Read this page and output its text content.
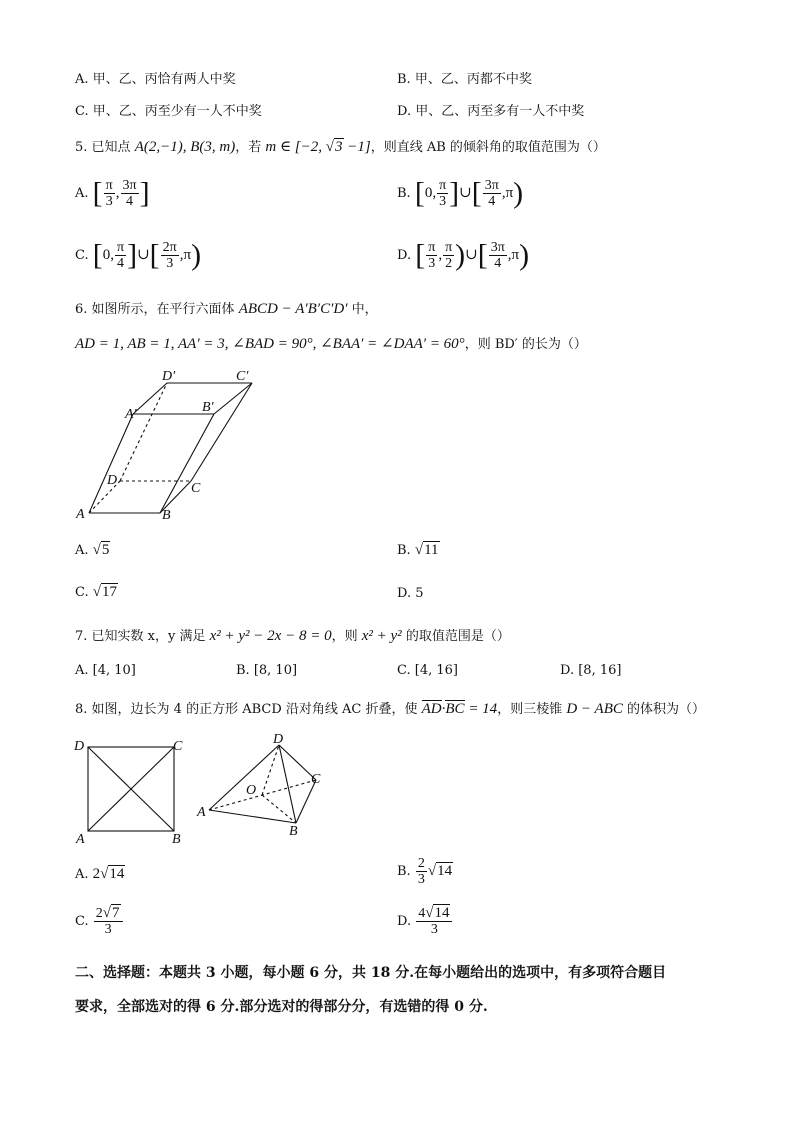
A. 甲、乙、丙恰有两人中奖	B. 甲、乙、丙都不中奖
C. 甲、乙、丙至少有一人不中奖	D. 甲、乙、丙至多有一人不中奖
5. 已知点 A(2,−1), B(3, m)，若 m ∈ [−2, √3 −1]，则直线 AB 的倾斜角的取值范围为（）
A. [ $\frac{\pi}{3}$ , $\frac{3\pi}{4}$ ]	B. [0, $\frac{\pi}{3}$ ]∪[ $\frac{3\pi}{4} ,\pi$)
C. [0, $\frac{\pi}{4}$ ]∪[ $\frac{2\pi}{3} ,\pi$)	D. [ $\frac{\pi}{3}$ , $\frac{\pi}{2}$ )∪[ $\frac{3\pi}{4} ,\pi$)
6. 如图所示，在平行六面体 ABCD − A′B′C′D′ 中，
AD = 1, AB = 1, AA′ = 3, ∠BAD = 90°, ∠BAA′ = ∠DAA′ = 60°，则 BD′ 的长为（）
D′	C′
A′	B′
D
C
A	B
A. √5	B. √11
C. √17	D. 5
7. 已知实数 x，y 满足 x² + y² − 2x − 8 = 0，则 x² + y² 的取值范围是（）
A. [4, 10]	B. [8, 10]	C. [4, 16]	D. [8, 16]
8. 如图，边长为 4 的正方形 ABCD 沿对角线 AC 折叠，使 AD·BC = 14，则三棱锥 D − ABC 的体积为（）
D	C
A	B
D
C
O
A
B
A. 2√14	B. $\frac{2}{3} √14$
C. $\frac{2√7}{3}$	D. $\frac{4√14}{3}$
二、选择题：本题共 3 小题，每小题 6 分，共 18 分.在每小题给出的选项中，有多项符合题目
要求，全部选对的得 6 分.部分选对的得部分分，有选错的得 0 分.
